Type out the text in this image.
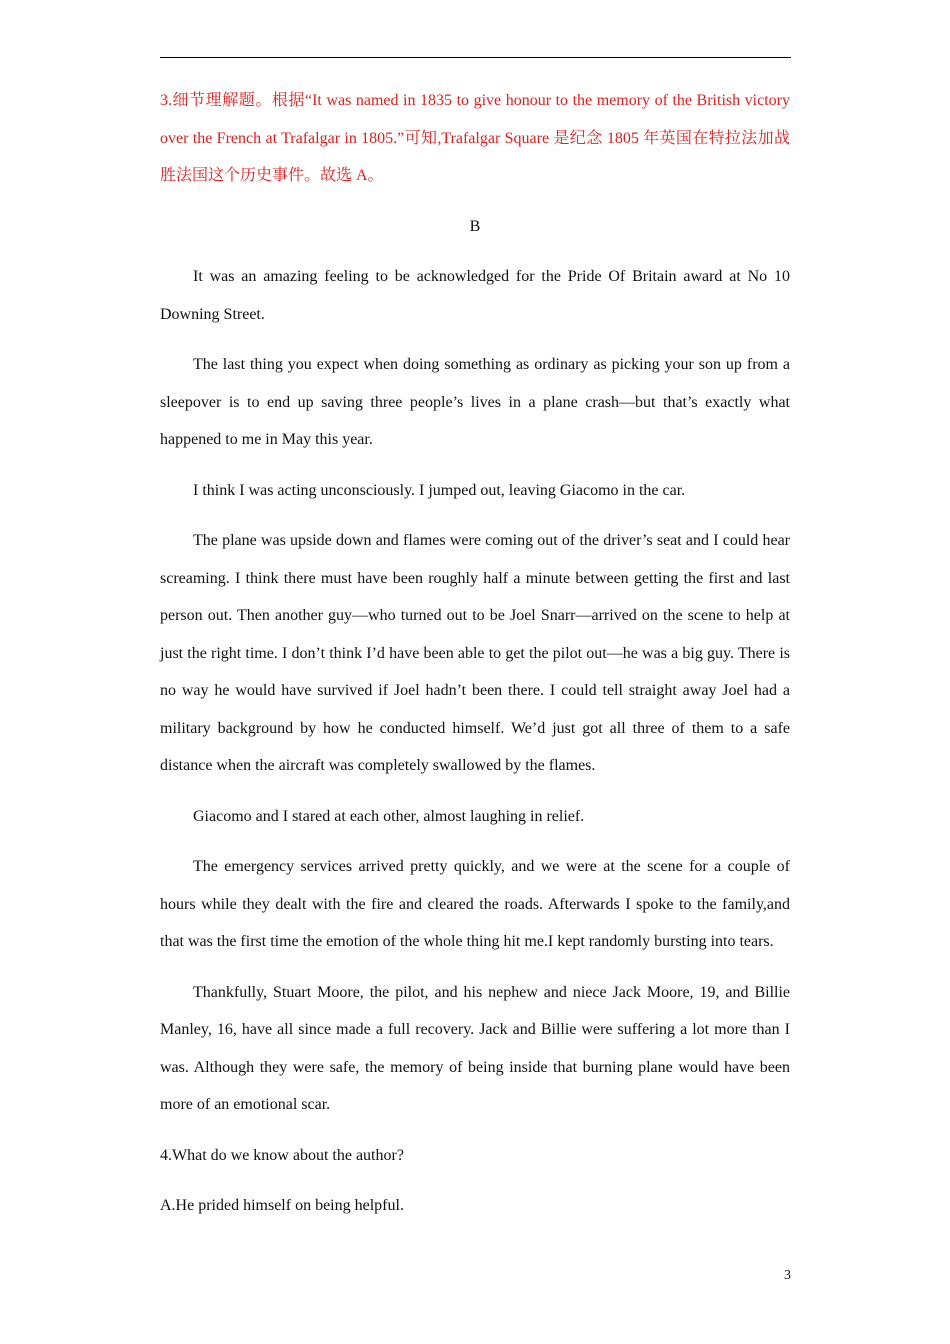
3.细节理解题。根据“It was named in 1835 to give honour to the memory of the British victory over the French at Trafalgar in 1805.”可知,Trafalgar Square 是纪念 1805 年英国在特拉法加战胜法国这个历史事件。故选 A。

B

It was an amazing feeling to be acknowledged for the Pride Of Britain award at No 10 Downing Street.

The last thing you expect when doing something as ordinary as picking your son up from a sleepover is to end up saving three people’s lives in a plane crash—but that’s exactly what happened to me in May this year.

I think I was acting unconsciously. I jumped out, leaving Giacomo in the car.

The plane was upside down and flames were coming out of the driver’s seat and I could hear screaming. I think there must have been roughly half a minute between getting the first and last person out. Then another guy—who turned out to be Joel Snarr—arrived on the scene to help at just the right time. I don’t think I’d have been able to get the pilot out—he was a big guy. There is no way he would have survived if Joel hadn’t been there. I could tell straight away Joel had a military background by how he conducted himself. We’d just got all three of them to a safe distance when the aircraft was completely swallowed by the flames.

Giacomo and I stared at each other, almost laughing in relief.

The emergency services arrived pretty quickly, and we were at the scene for a couple of hours while they dealt with the fire and cleared the roads. Afterwards I spoke to the family,and that was the first time the emotion of the whole thing hit me.I kept randomly bursting into tears.

Thankfully, Stuart Moore, the pilot, and his nephew and niece Jack Moore, 19, and Billie Manley, 16, have all since made a full recovery. Jack and Billie were suffering a lot more than I was. Although they were safe, the memory of being inside that burning plane would have been more of an emotional scar.

4.What do we know about the author?

A.He prided himself on being helpful.

3
